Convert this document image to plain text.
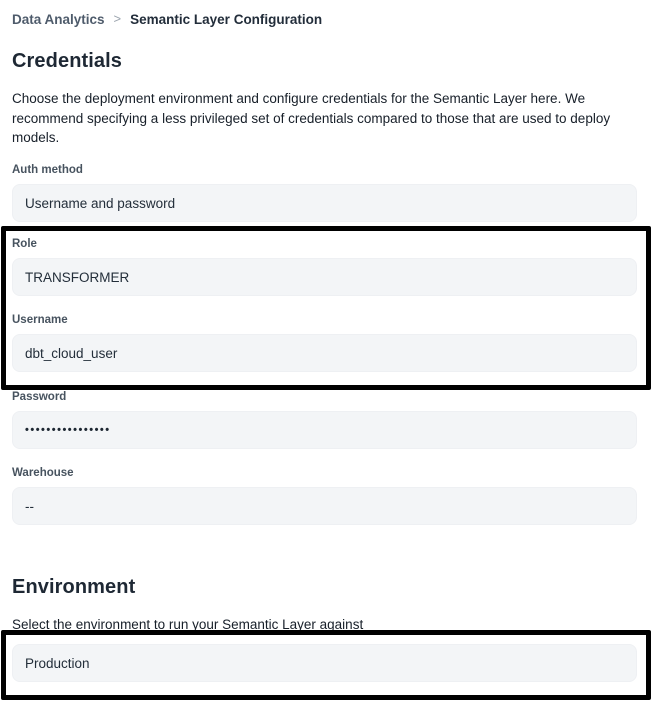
Data Analytics > Semantic Layer Configuration
Credentials

Choose the deployment environment and configure credentials for the Semantic Layer here. We recommend specifying a less privileged set of credentials compared to those that are used to deploy models.

Auth method
Username and password
Role
TRANSFORMER
Username
dbt_cloud_user
Password
••••••••••••••••
Warehouse
--
Environment

Select the environment to run your Semantic Layer against

Production
